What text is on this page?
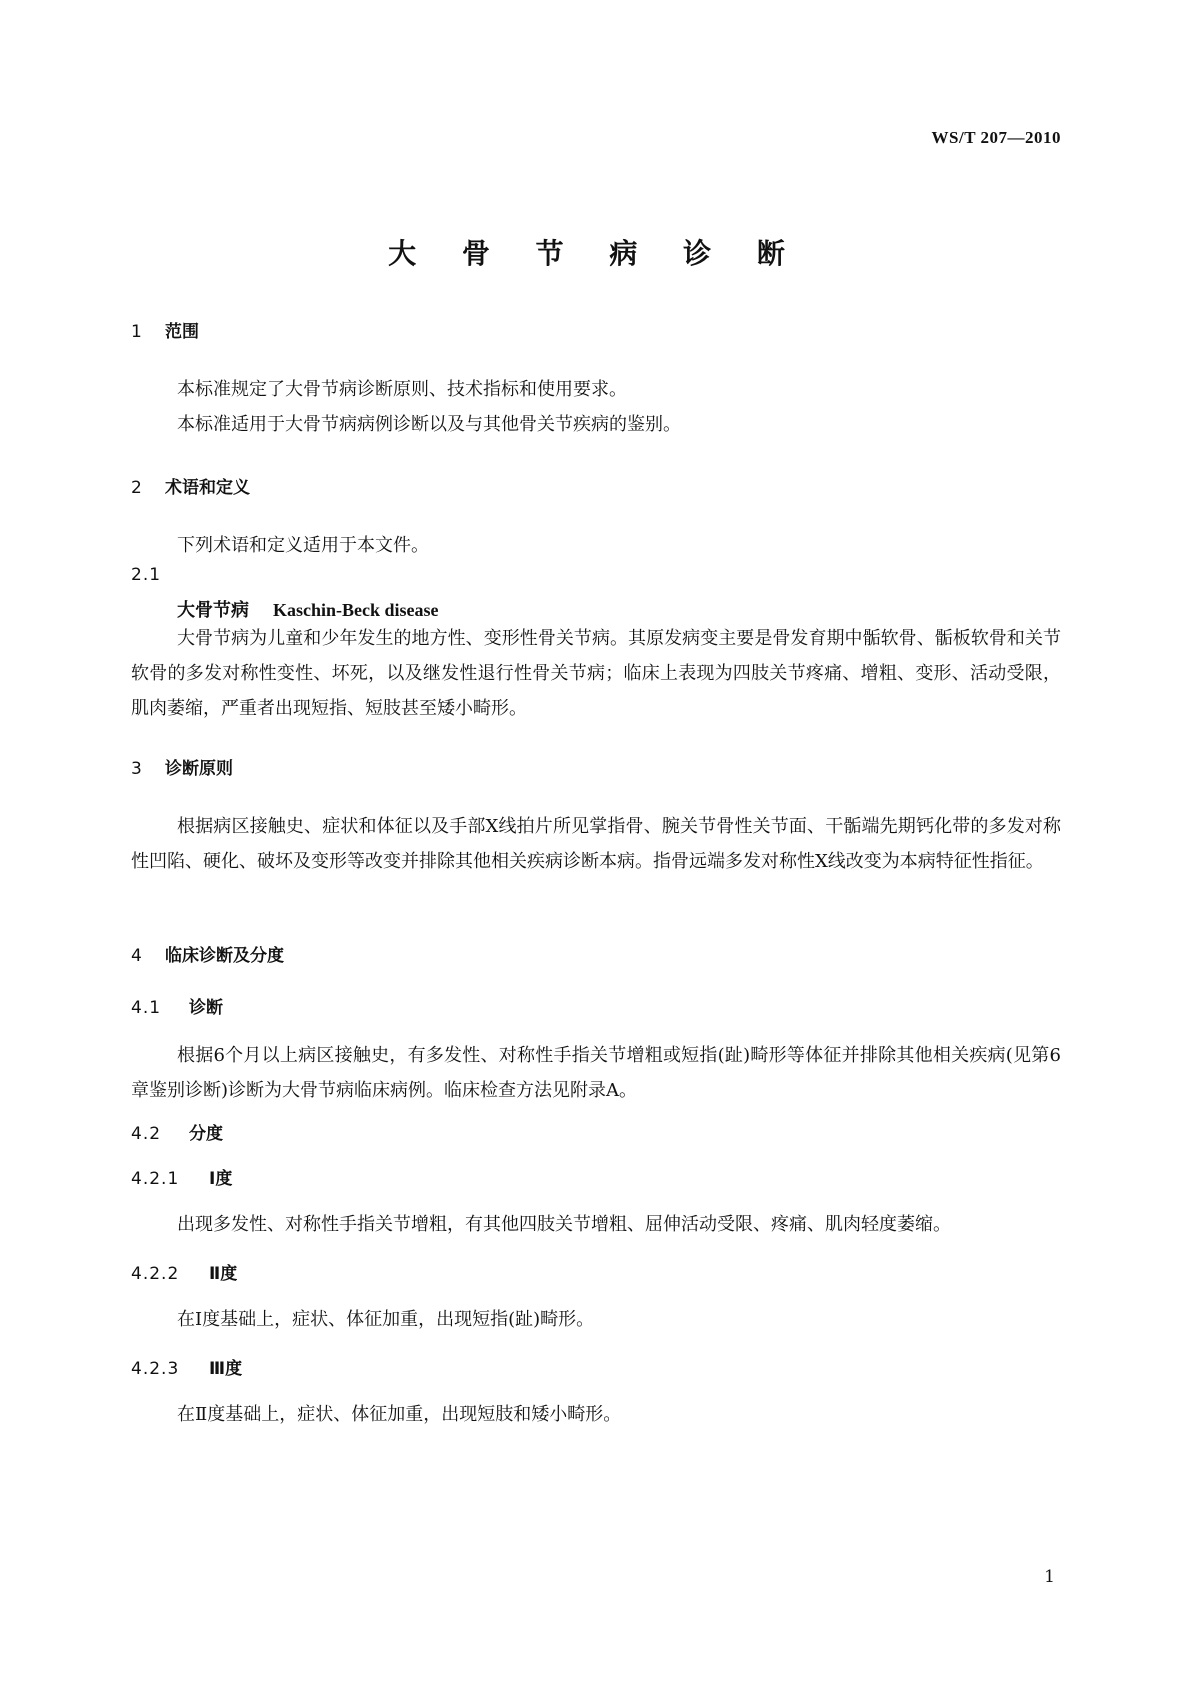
WS/T 207—2010
大 骨 节 病 诊 断
1 范围
本标准规定了大骨节病诊断原则、技术指标和使用要求。
本标准适用于大骨节病病例诊断以及与其他骨关节疾病的鉴别。
2 术语和定义
下列术语和定义适用于本文件。
2.1
大骨节病 Kaschin-Beck disease
大骨节病为儿童和少年发生的地方性、变形性骨关节病。其原发病变主要是骨发育期中骺软骨、骺板软骨和关节软骨的多发对称性变性、坏死，以及继发性退行性骨关节病；临床上表现为四肢关节疼痛、增粗、变形、活动受限，肌肉萎缩，严重者出现短指、短肢甚至矮小畸形。
3 诊断原则
根据病区接触史、症状和体征以及手部X线拍片所见掌指骨、腕关节骨性关节面、干骺端先期钙化带的多发对称性凹陷、硬化、破坏及变形等改变并排除其他相关疾病诊断本病。指骨远端多发对称性X线改变为本病特征性指征。
4 临床诊断及分度
4.1 诊断
根据6个月以上病区接触史，有多发性、对称性手指关节增粗或短指(趾)畸形等体征并排除其他相关疾病(见第6章鉴别诊断)诊断为大骨节病临床病例。临床检查方法见附录A。
4.2 分度
4.2.1 Ⅰ度
出现多发性、对称性手指关节增粗，有其他四肢关节增粗、屈伸活动受限、疼痛、肌肉轻度萎缩。
4.2.2 Ⅱ度
在Ⅰ度基础上，症状、体征加重，出现短指(趾)畸形。
4.2.3 Ⅲ度
在Ⅱ度基础上，症状、体征加重，出现短肢和矮小畸形。
1
